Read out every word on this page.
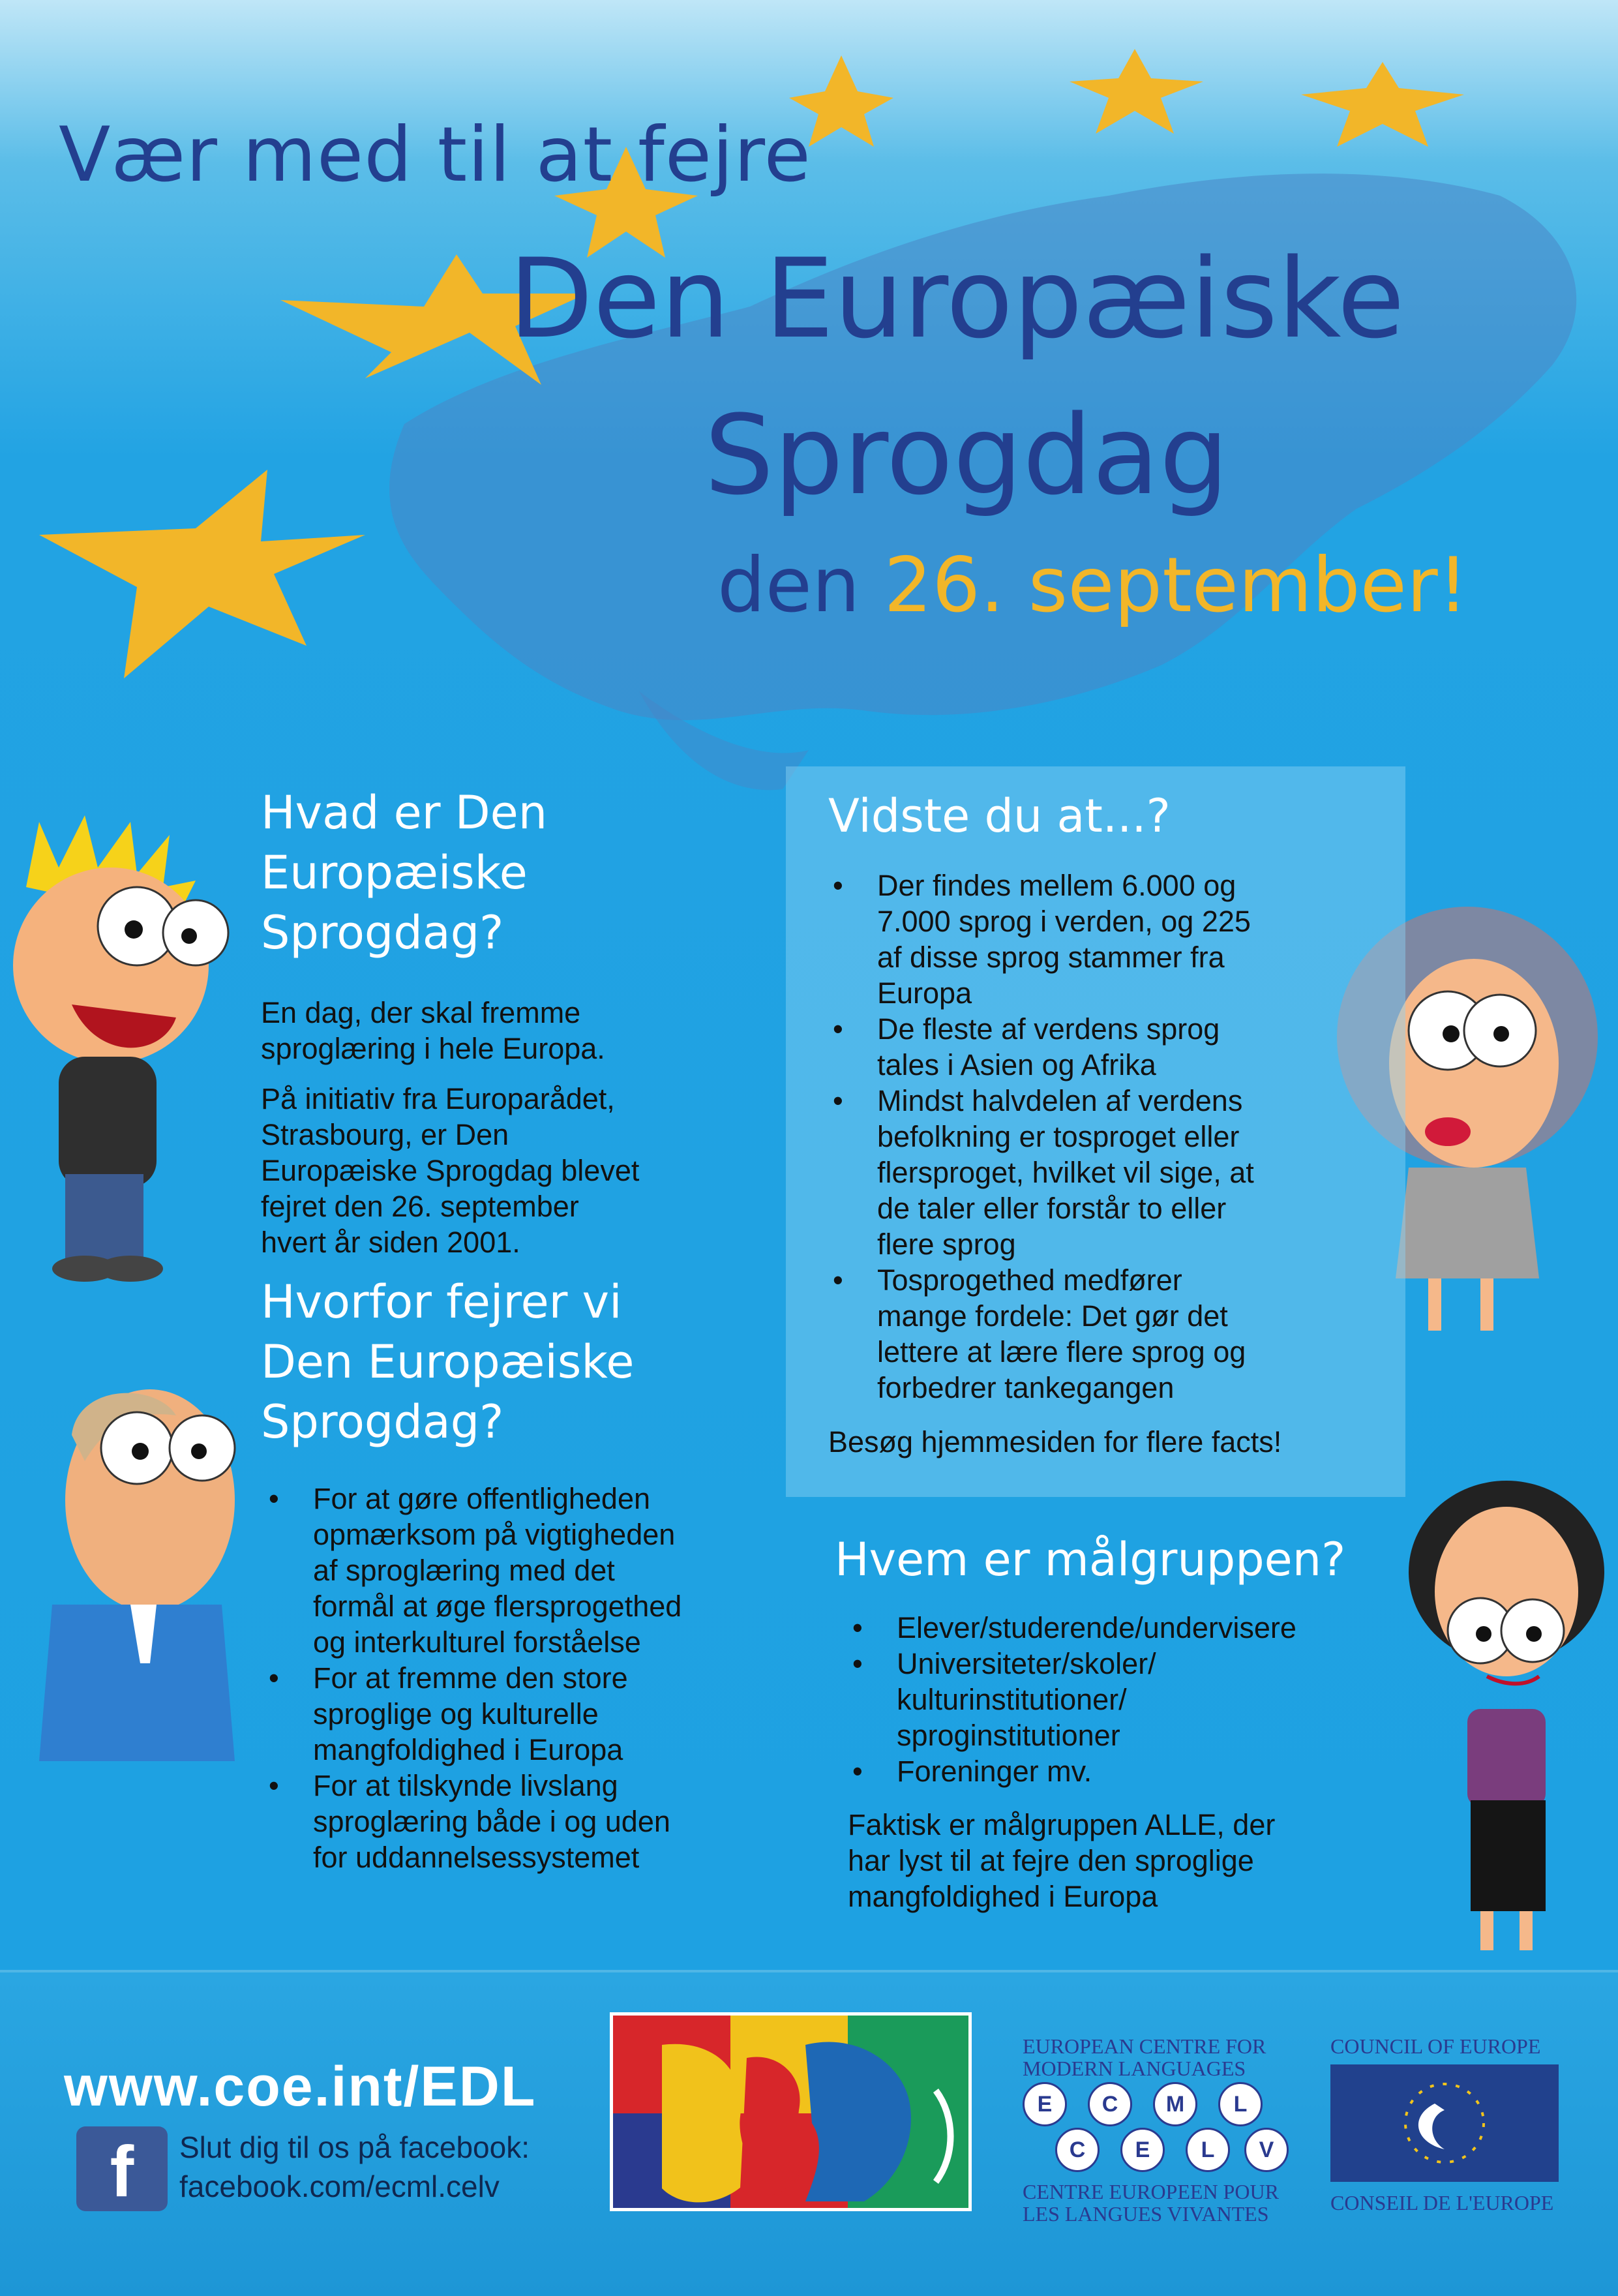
Vær med til at fejre
Den Europæiske
Sprogdag
den 26. september!
Hvad er Den
Europæiske
Sprogdag?

En dag, der skal fremme
sproglæring i hele Europa.

På initiativ fra Europarådet,
Strasbourg, er Den
Europæiske Sprogdag blevet
fejret den 26. september
hvert år siden 2001.

Hvorfor fejrer vi
Den Europæiske
Sprogdag?
• For at gøre offentligheden
opmærksom på vigtigheden
af sproglæring med det
formål at øge flersprogethed
og interkulturel forståelse
• For at fremme den store
sproglige og kulturelle
mangfoldighed i Europa
• For at tilskynde livslang
sproglæring både i og uden
for uddannelsessystemet
Vidste du at...?
• Der findes mellem 6.000 og
7.000 sprog i verden, og 225
af disse sprog stammer fra
Europa
• De fleste af verdens sprog
tales i Asien og Afrika
• Mindst halvdelen af verdens
befolkning er tosproget eller
flersproget, hvilket vil sige, at
de taler eller forstår to eller
flere sprog
• Tosprogethed medfører
mange fordele: Det gør det
lettere at lære flere sprog og
forbedrer tankegangen
Besøg hjemmesiden for flere facts!
Hvem er målgruppen?
• Elever/studerende/undervisere
• Universiteter/skoler/
kulturinstitutioner/
sproginstitutioner
• Foreninger mv.
Faktisk er målgruppen ALLE, der
har lyst til at fejre den sproglige
mangfoldighed i Europa
www.coe.int/EDL
f	Slut dig til os på facebook:
facebook.com/ecml.celv
EUROPEAN CENTRE FOR
MODERN LANGUAGES
E	C	M	L
C	E	L	V
CENTRE EUROPEEN POUR
LES LANGUES VIVANTES
COUNCIL OF EUROPE
CONSEIL DE L'EUROPE
